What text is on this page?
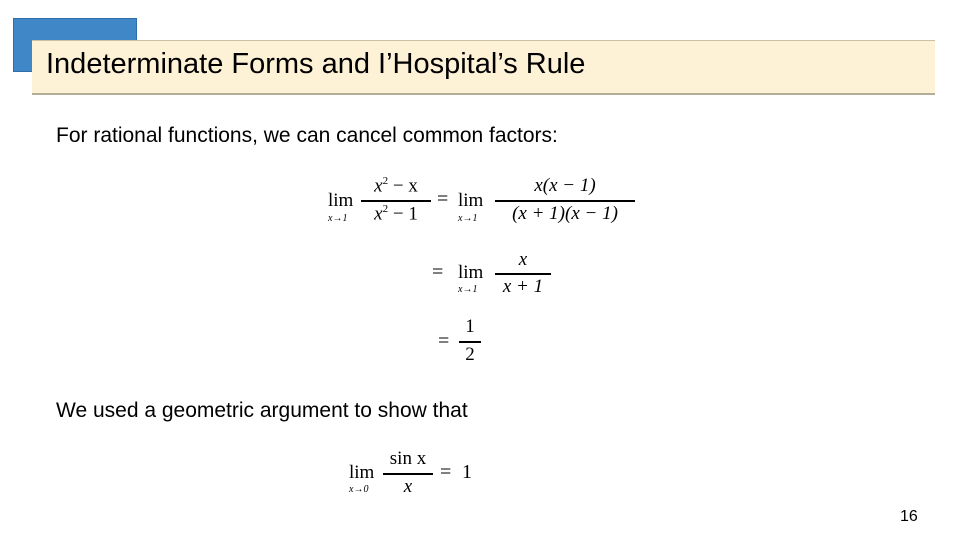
Indeterminate Forms and I’Hospital’s Rule
For rational functions, we can cancel common factors:
lim
x→1
$x^2 - x$
$x^2 - 1$
= lim
x→1
x(x − 1)
(x + 1)(x − 1)
= lim
x→1
x
x + 1
=
1
2
We used a geometric argument to show that
lim
x→0
sin x
x
= 1
16
